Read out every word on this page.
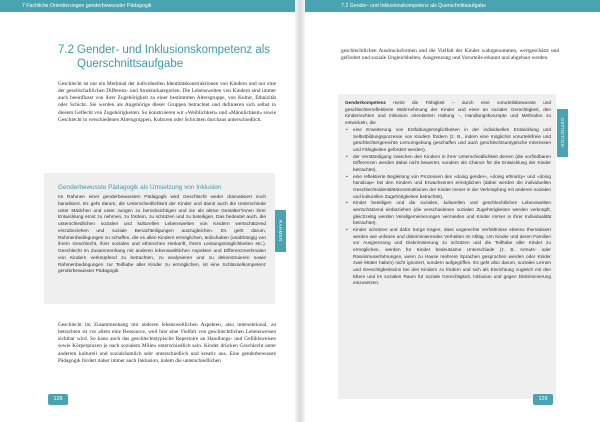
7 Fachliche Orientierungen genderbewusster Pädagogik
7.2 Gender- und Inklusionskompetenz als Querschnittsaufgabe

Geschlecht ist nur ein Merkmal der individuellen Identitätskonstruktionen von Kindern und nur eine der gesellschaftlichen Differenz- und Strukturkategorien. Die Lebenswelten von Kindern sind immer auch beeinflusst von ihrer Zugehörigkeit zu einer bestimmten Altersgruppe, von Kultur, Ethnizität oder Schicht. Sie werden als Angehörige dieser Gruppen betrachtet und definieren sich selbst in diesem Geflecht von Zugehörigkeiten. So konstruieren wir »Weiblichkeit« und »Männlichkeit« sowie Geschlecht in verschiedenen Altersgruppen, Kulturen oder Schichten durchaus unterschiedlich.

Genderbewusste Pädagogik als Umsetzung von Inklusion
Im Rahmen einer genderbewussten Pädagogik wird Geschlecht weder dramatisiert noch banalisiert. Es geht darum, die Unterschiedlichkeit der Kinder und damit auch die Unterschiede unter Mädchen und unter Jungen zu berücksichtigen und sie als aktive Gestalter*innen ihrer Entwicklung ernst zu nehmen, zu fördern, zu schützen und zu beteiligen. Das bedeutet auch, die unterschiedlichen sozialen und kulturellen Lebenswelten von Kindern wertschätzend einzubeziehen und soziale Benachteiligungen auszugleichen. Es geht darum, Rahmenbedingungen zu schaffen, die es allen Kindern ermöglichen, teilzuhaben (unabhängig von ihrem Geschlecht, ihrer sozialen und ethnischen Herkunft, ihrem Leistungsmöglichkeiten etc.). Geschlecht im Zusammenhang mit anderen lebensweltlichen Aspekten und Differenzmerkmalen von Kindern verknüpfend zu betrachten, zu analysieren und zu dekonstruieren sowie Rahmenbedingungen zur Teilhabe aller Kinder zu ermöglichen, ist eine Schlüsselkompetenz genderbewusster Pädagogik.
RAHMEN

Geschlecht im Zusammenhang mit anderen lebensweltlichen Aspekten, also intersektional, zu betrachten ist vor allem eine Ressource, weil hier eine Vielfalt von geschlechtlichen Lebensweisen sichtbar wird. So kann auch das geschlechtstypische Repertoire an Handlungs- und Gefühlsweisen sowie Körperpraxen je nach sozialem Milieu unterschiedlich sein. Kinder drücken Geschlecht unter anderem kulturell und sozialräumlich sehr unterschiedlich und kreativ aus. Eine genderbewusste Pädagogik fördert daher immer auch Inklusion, indem die unterschiedlichen

128
7.2 Gender- und Inklusionskompetenz als Querschnittsaufgabe

geschlechtlichen Ausdrucksformen und die Vielfalt der Kinder wahrgenommen, wertgeschätzt und gefördert und soziale Ungleichheiten, Ausgrenzung und Vorurteile erkannt und abgebaut werden.

Genderkompetenz meint die Fähigkeit – durch eine vorurteilsbewusste und geschlechterreflektierte Wahrnehmung der Kinder und einer an sozialer Gerechtigkeit, den Kinderrechten und Inklusion orientierten Haltung –, Handlungskonzepte und Methoden zu entwickeln, die

• eine Erweiterung von Entfaltungsmöglichkeiten in der individuellen Entwicklung und Selbstbildungsprozesse von Kindern fördern (z. B., indem eine möglichst vorurteilsfreie und geschlechtergerechte Lernumgebung geschaffen und auch geschlechtsuntypische Interessen und Fähigkeiten gefördert werden),
• der Verständigung zwischen den Kindern in ihrer Unterschiedlichkeit dienen (die vorfindbaren Differenzen werden dabei nicht bewertet, sondern als Chance für die Entwicklung der Kinder betrachtet),
• eine reflektierte Begleitung von Prozessen des »doing gender«, »doing ethnicity« und »doing handicap« bei den Kindern und Erwachsenen ermöglichen (dabei werden die individuellen Geschlechtsidentitätskonstruktionen der Kinder immer in der Verknüpfung mit anderen sozialen und kulturellen Zugehörigkeiten betrachtet),
• Kinder beteiligen und die sozialen, kulturellen und geschlechtlichen Lebenswelten wertschätzend einbeziehen (die verschiedenen sozialen Zugehörigkeiten werden verknüpft, gleichzeitig werden Verallgemeinerungen vermieden und Kinder immer in ihrer Individualität betrachtet),
• Kinder schützen und dafür Sorge tragen, dass ungerechte Verhältnisse ebenso thematisiert werden wie unfaires und diskriminierendes Verhalten im Alltag. Um Kinder und deren Familien vor Ausgrenzung und Diskriminierung zu schützen und die Teilhabe aller Kinder zu ermöglichen, werden für Kinder bedeutsame Unterschiede (z. B. Armuts- oder Rassismuserfahrungen, wenn zu Hause mehrere Sprachen gesprochen werden oder Kinder zwei Mütter haben) nicht ignoriert, sondern aufgegriffen. Es geht also darum, soziales Lernen und Gerechtigkeitssinn bei den Kindern zu fördern und sich als Einrichtung zugleich mit den Eltern und im sozialen Raum für soziale Gerechtigkeit, Inklusion und gegen Diskriminierung einzusetzen.
DEFINITION
129
